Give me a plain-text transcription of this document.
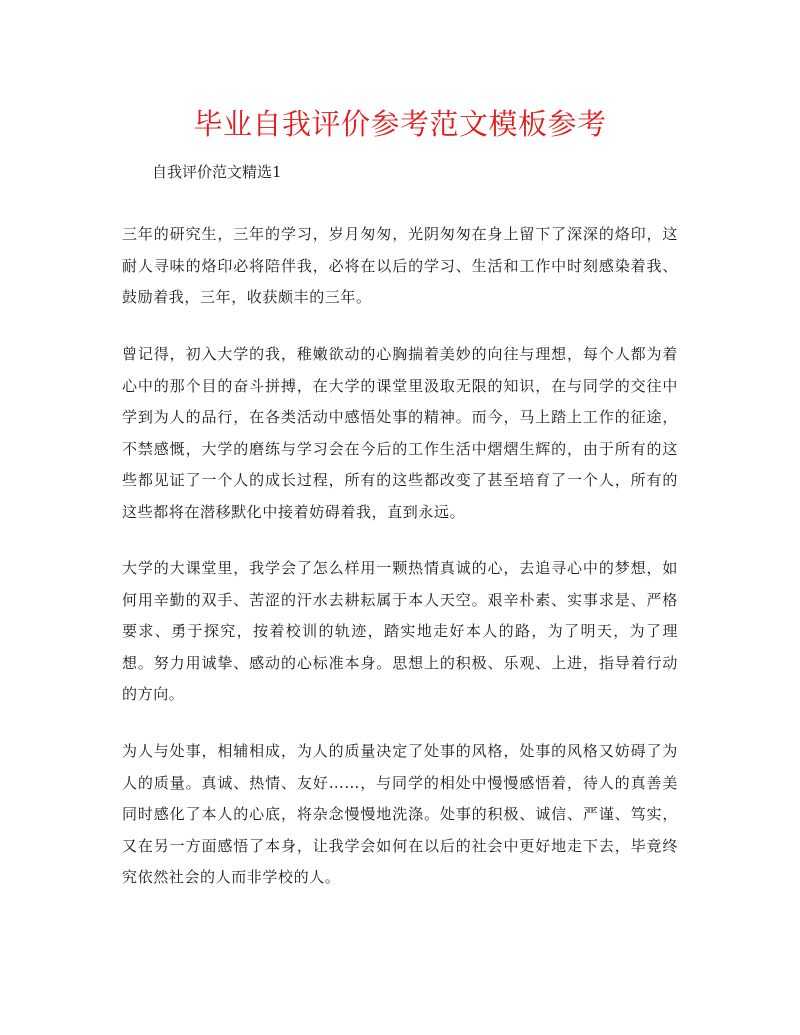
毕业自我评价参考范文模板参考

自我评价范文精选1

三年的研究生，三年的学习，岁月匆匆，光阴匆匆在身上留下了深深的烙印，这耐人寻味的烙印必将陪伴我，必将在以后的学习、生活和工作中时刻感染着我、鼓励着我，三年，收获颇丰的三年。

曾记得，初入大学的我，稚嫩欲动的心胸揣着美妙的向往与理想，每个人都为着心中的那个目的奋斗拼搏，在大学的课堂里汲取无限的知识，在与同学的交往中学到为人的品行，在各类活动中感悟处事的精神。而今，马上踏上工作的征途，不禁感慨，大学的磨练与学习会在今后的工作生活中熠熠生辉的，由于所有的这些都见证了一个人的成长过程，所有的这些都改变了甚至培育了一个人，所有的这些都将在潜移默化中接着妨碍着我，直到永远。

大学的大课堂里，我学会了怎么样用一颗热情真诚的心，去追寻心中的梦想，如何用辛勤的双手、苦涩的汗水去耕耘属于本人天空。艰辛朴素、实事求是、严格要求、勇于探究，按着校训的轨迹，踏实地走好本人的路，为了明天，为了理想。努力用诚挚、感动的心标准本身。思想上的积极、乐观、上进，指导着行动的方向。

为人与处事，相辅相成，为人的质量决定了处事的风格，处事的风格又妨碍了为人的质量。真诚、热情、友好……，与同学的相处中慢慢感悟着，待人的真善美同时感化了本人的心底，将杂念慢慢地洗涤。处事的积极、诚信、严谨、笃实，又在另一方面感悟了本身，让我学会如何在以后的社会中更好地走下去，毕竟终究依然社会的人而非学校的人。
